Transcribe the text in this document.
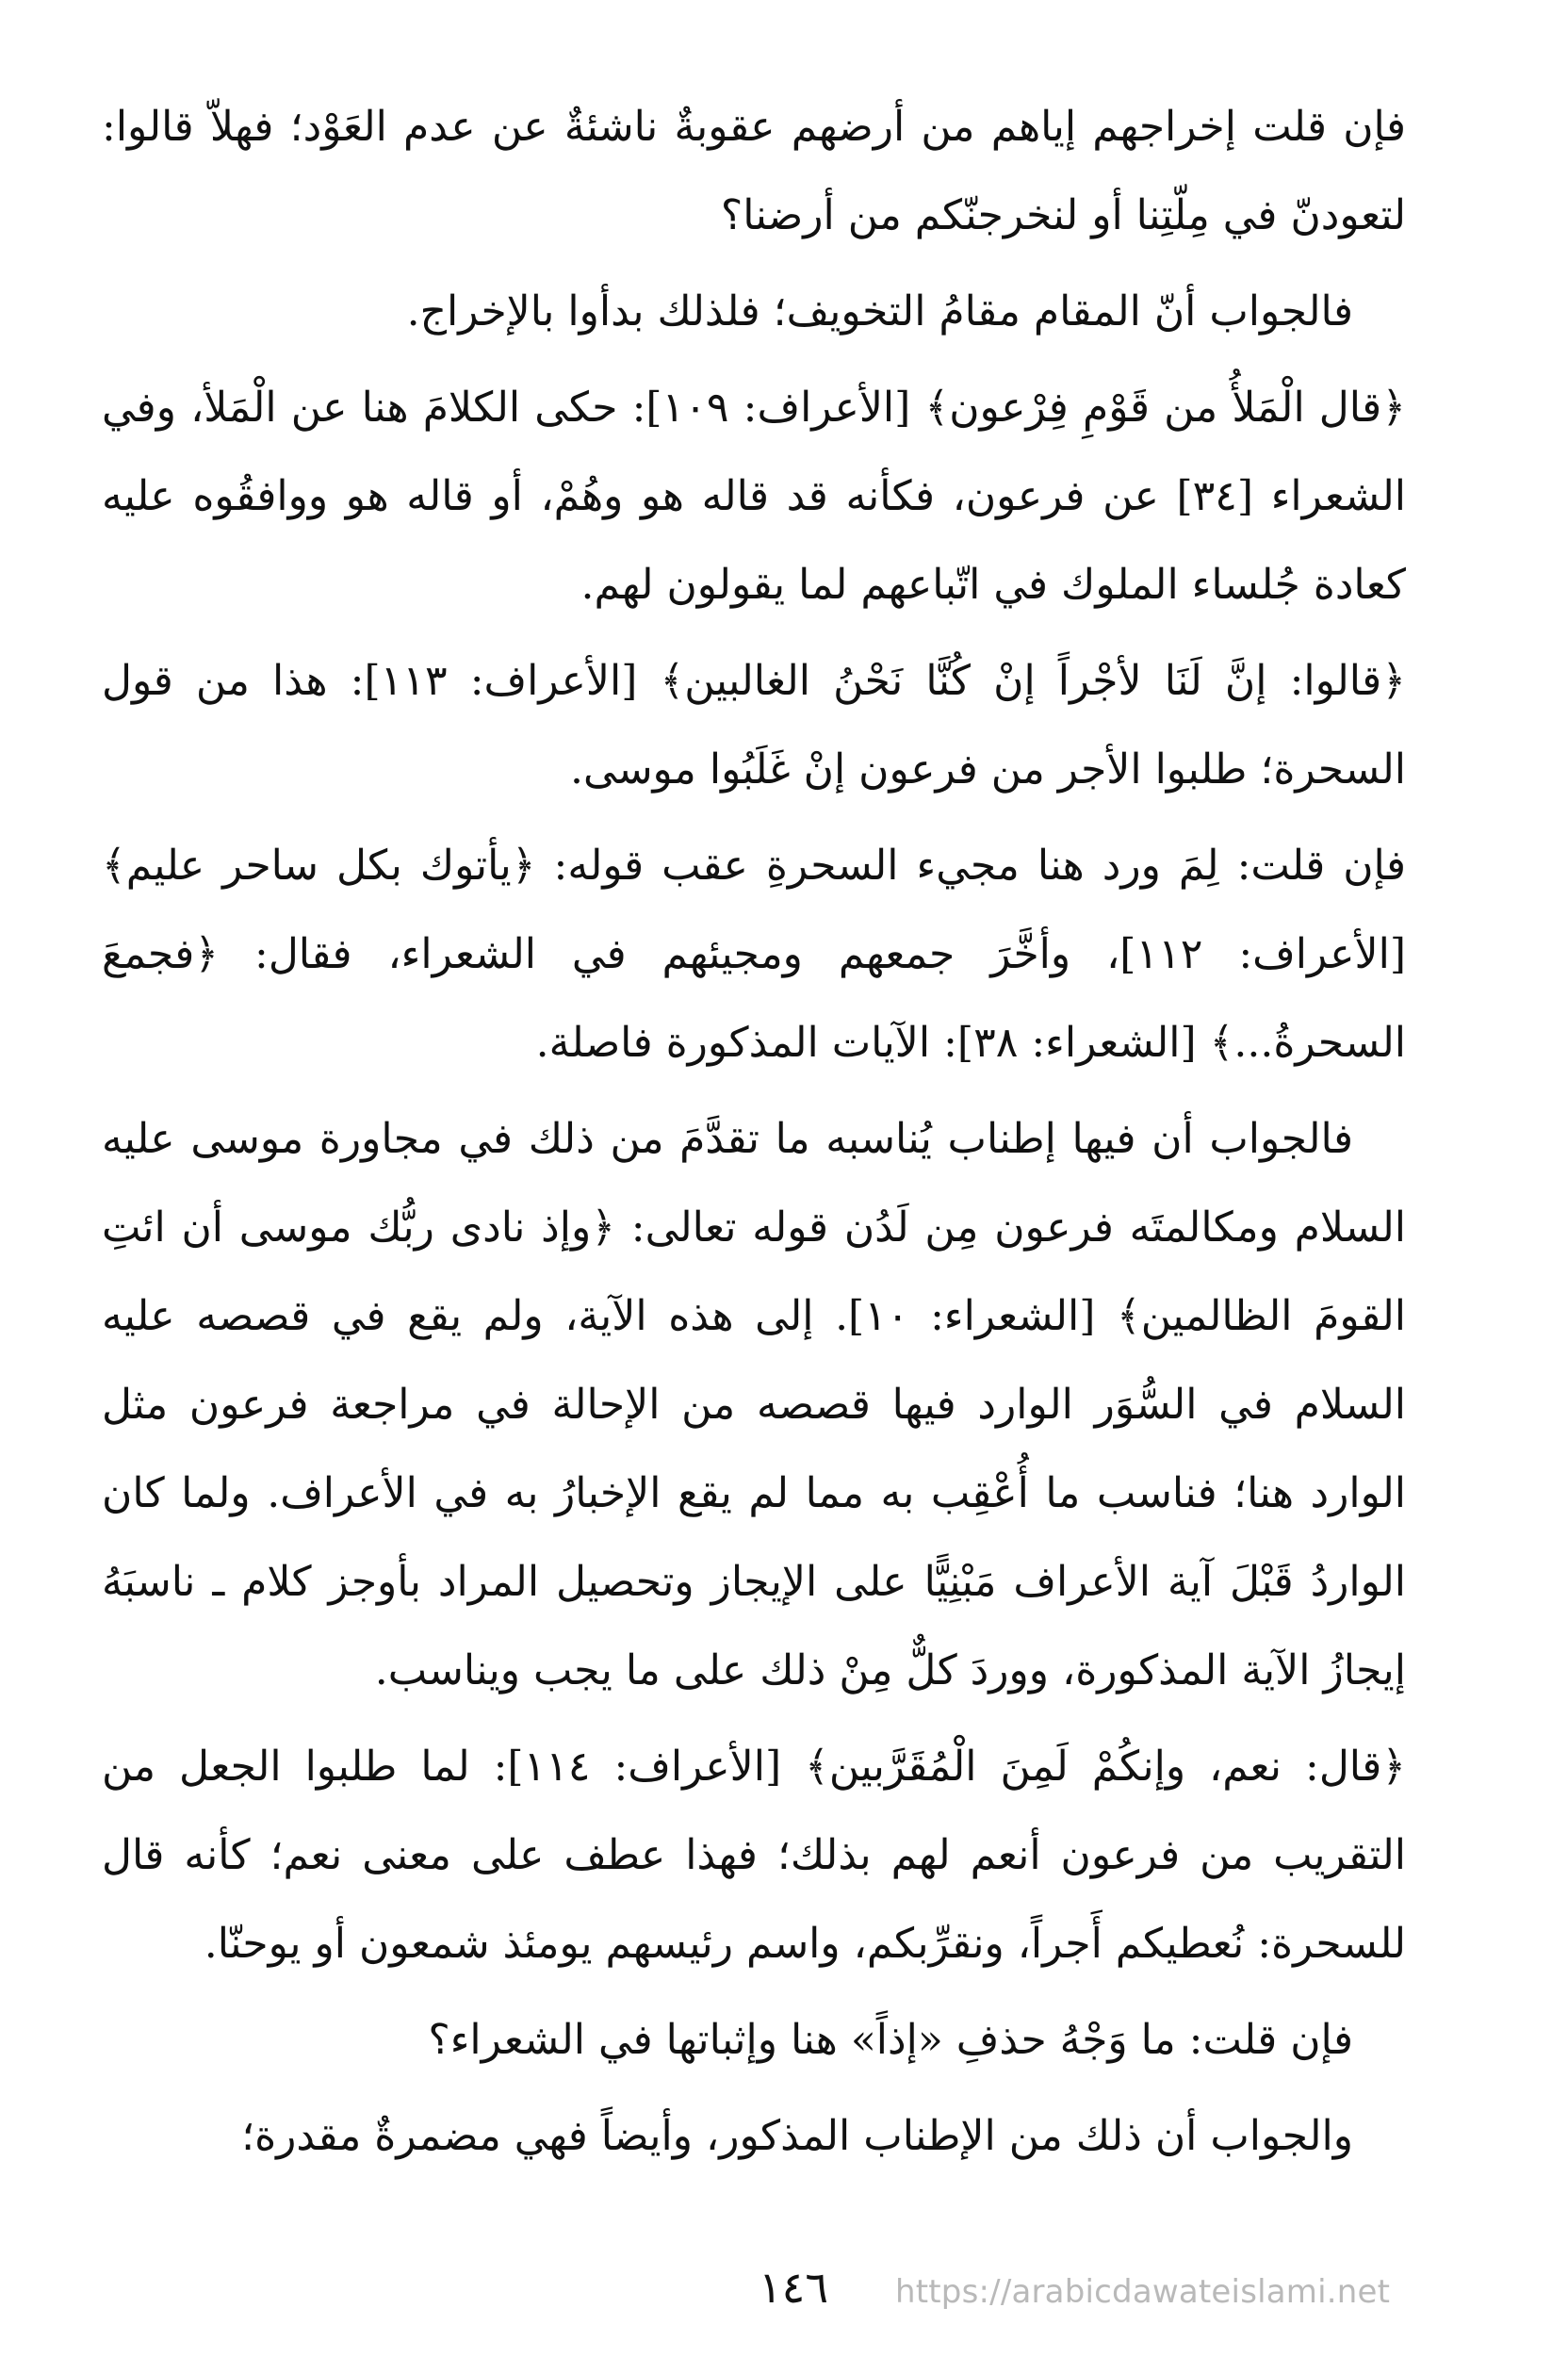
فإن قلت إخراجهم إياهم من أرضهم عقوبةٌ ناشئةٌ عن عدم العَوْد؛ فهلاّ قالوا: لتعودنّ في مِلّتِنا أو لنخرجنّكم من أرضنا؟

فالجواب أنّ المقام مقامُ التخويف؛ فلذلك بدأوا بالإخراج.

﴿قال الْمَلأُ من قَوْمِ فِرْعون﴾ [الأعراف: ١٠٩]: حكى الكلامَ هنا عن الْمَلأ، وفي الشعراء [٣٤] عن فرعون، فكأنه قد قاله هو وهُمْ، أو قاله هو ووافقُوه عليه كعادة جُلساء الملوك في اتّباعهم لما يقولون لهم.

﴿قالوا: إنَّ لَنَا لأجْراً إنْ كُنَّا نَحْنُ الغالبين﴾ [الأعراف: ١١٣]: هذا من قول السحرة؛ طلبوا الأجر من فرعون إنْ غَلَبُوا موسى.

فإن قلت: لِمَ ورد هنا مجيء السحرةِ عقب قوله: ﴿يأتوك بكل ساحر عليم﴾ [الأعراف: ١١٢]، وأخَّرَ جمعهم ومجيئهم في الشعراء، فقال: ﴿فجمعَ السحرةُ...﴾ [الشعراء: ٣٨]: الآيات المذكورة فاصلة.

فالجواب أن فيها إطناب يُناسبه ما تقدَّمَ من ذلك في مجاورة موسى عليه السلام ومكالمتَه فرعون مِن لَدُن قوله تعالى: ﴿وإذ نادى ربُّك موسى أن ائتِ القومَ الظالمين﴾ [الشعراء: ١٠]. إلى هذه الآية، ولم يقع في قصصه عليه السلام في السُّوَر الوارد فيها قصصه من الإحالة في مراجعة فرعون مثل الوارد هنا؛ فناسب ما أُعْقِب به مما لم يقع الإخبارُ به في الأعراف. ولما كان الواردُ قَبْلَ آية الأعراف مَبْنِيًّا على الإيجاز وتحصيل المراد بأوجز كلام ـ ناسبَهُ إيجازُ الآية المذكورة، ووردَ كلٌّ مِنْ ذلك على ما يجب ويناسب.

﴿قال: نعم، وإنكُمْ لَمِنَ الْمُقَرَّبين﴾ [الأعراف: ١١٤]: لما طلبوا الجعل من التقريب من فرعون أنعم لهم بذلك؛ فهذا عطف على معنى نعم؛ كأنه قال للسحرة: نُعطيكم أَجراً، ونقرِّبكم، واسم رئيسهم يومئذ شمعون أو يوحنّا.

فإن قلت: ما وَجْهُ حذفِ «إذاً» هنا وإثباتها في الشعراء؟

والجواب أن ذلك من الإطناب المذكور، وأيضاً فهي مضمرةٌ مقدرة؛

١٤٦	https://arabicdawateislami.net
